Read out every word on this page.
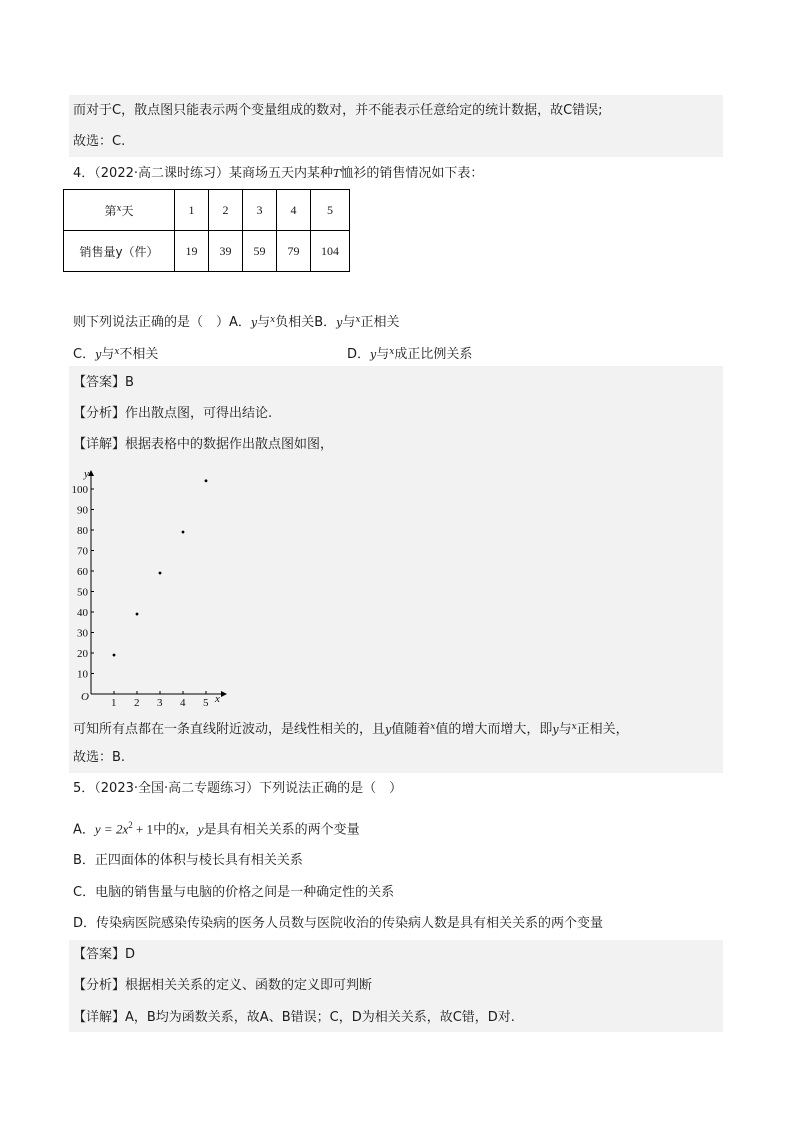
而对于C，散点图只能表示两个变量组成的数对，并不能表示任意给定的统计数据，故C错误;
故选：C.
4．（2022·高二课时练习）某商场五天内某种T恤衫的销售情况如下表：
第$^x$天	1	2	3	4	5
销售量y（件）	19	39	59	79	104
则下列说法正确的是（　）A．y与$^x$负相关B．y与$^x$正相关
C．y与$^x$不相关	D．y与$^x$成正比例关系
【答案】B
【分析】作出散点图，可得出结论.
【详解】根据表格中的数据作出散点图如图，
y
x
O 1 2 3 4 5
10
20
30
40
50
60
70
80
90
100
可知所有点都在一条直线附近波动，是线性相关的，且y值随着$^x$值的增大而增大，即y与$^x$正相关，
故选：B.
5．（2023·全国·高二专题练习）下列说法正确的是（　）
A．$y = 2x^2 + 1$中的x，y是具有相关关系的两个变量
B．正四面体的体积与棱长具有相关关系
C．电脑的销售量与电脑的价格之间是一种确定性的关系
D．传染病医院感染传染病的医务人员数与医院收治的传染病人数是具有相关关系的两个变量
【答案】D
【分析】根据相关关系的定义、函数的定义即可判断
【详解】A，B均为函数关系，故A、B错误；C，D为相关关系，故C错，D对.
